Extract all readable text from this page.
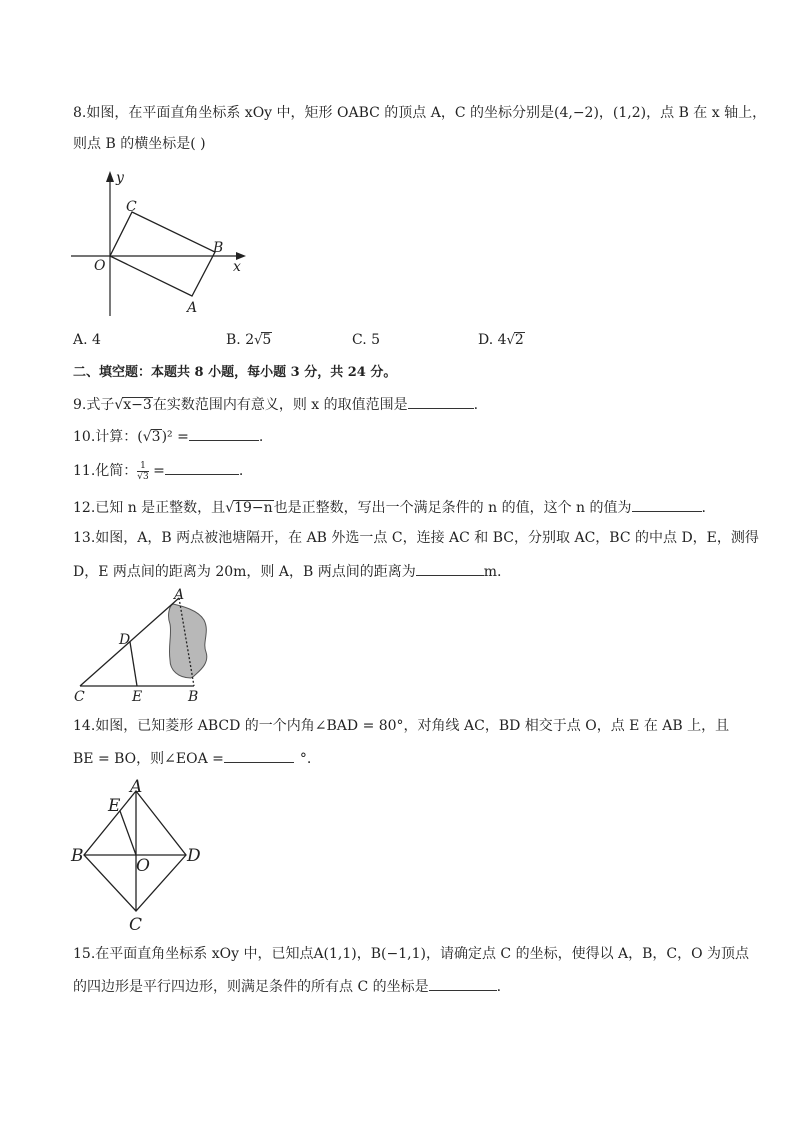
8.如图，在平面直角坐标系 xOy 中，矩形 OABC 的顶点 A，C 的坐标分别是(4,−2)，(1,2)，点 B 在 x 轴上，
则点 B 的横坐标是( )
y
x
O
C
B
A
A. 4	B. 2√5	C. 5	D. 4√2
二、填空题：本题共 8 小题，每小题 3 分，共 24 分。
9.式子√x−3在实数范围内有意义，则 x 的取值范围是	.
10.计算：(√3)² =	.
11.化简： $\frac{1}{√3}$ =	.
12.已知 n 是正整数，且√19−n也是正整数，写出一个满足条件的 n 的值，这个 n 的值为	.
13.如图，A，B 两点被池塘隔开，在 AB 外选一点 C，连接 AC 和 BC，分别取 AC，BC 的中点 D，E，测得
D，E 两点间的距离为 20m，则 A，B 两点间的距离为	m.
A
D
C	E	B
14.如图，已知菱形 ABCD 的一个内角∠BAD = 80°，对角线 AC，BD 相交于点 O，点 E 在 AB 上，且
BE = BO，则∠EOA =	°.
A
E
B	O D
C
15.在平面直角坐标系 xOy 中，已知点A(1,1)，B(−1,1)，请确定点 C 的坐标，使得以 A，B，C，O 为顶点
的四边形是平行四边形，则满足条件的所有点 C 的坐标是	.
